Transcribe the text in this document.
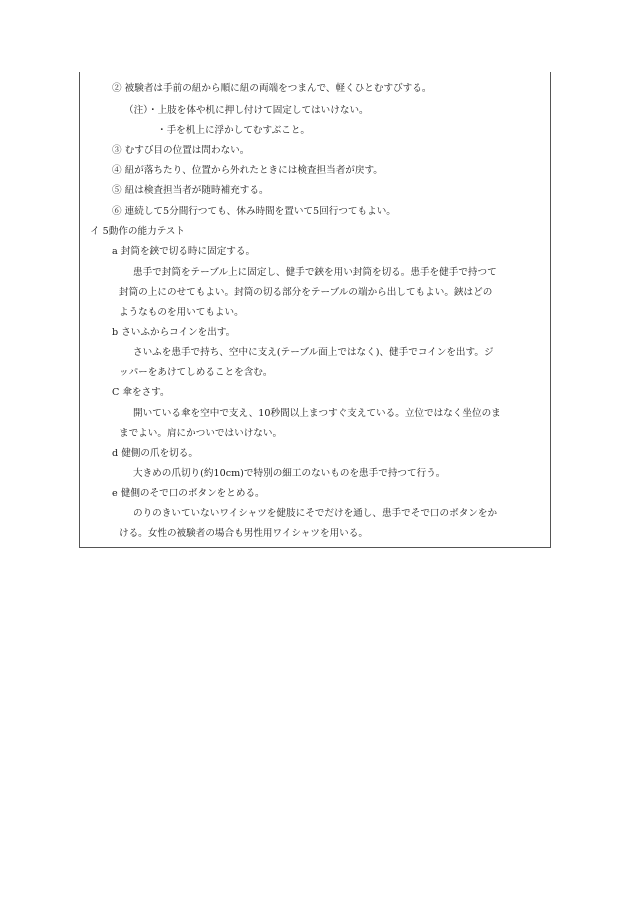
② 被験者は手前の紐から順に紐の両端をつまんで、軽くひとむすびする。
（注）・上肢を体や机に押し付けて固定してはいけない。
・手を机上に浮かしてむすぶこと。
③ むすび目の位置は問わない。
④ 紐が落ちたり、位置から外れたときには検査担当者が戻す。
⑤ 紐は検査担当者が随時補充する。
⑥ 連続して5分間行つても、休み時間を置いて5回行つてもよい。
イ 5動作の能力テスト
a 封筒を鋏で切る時に固定する。
患手で封筒をテーブル上に固定し、健手で鋏を用い封筒を切る。患手を健手で持つて
封筒の上にのせてもよい。封筒の切る部分をテーブルの端から出してもよい。鋏はどの
ようなものを用いてもよい。
b さいふからコインを出す。
さいふを患手で持ち、空中に支え(テーブル面上ではなく)、健手でコインを出す。ジ
ッパーをあけてしめることを含む。
C 傘をさす。
開いている傘を空中で支え、10秒間以上まつすぐ支えている。立位ではなく坐位のま
までよい。肩にかついではいけない。
d 健側の爪を切る。
大きめの爪切り(約10cm)で特別の細工のないものを患手で持つて行う。
e 健側のそで口のボタンをとめる。
のりのきいていないワイシャツを健肢にそでだけを通し、患手でそで口のボタンをか
ける。女性の被験者の場合も男性用ワイシャツを用いる。
